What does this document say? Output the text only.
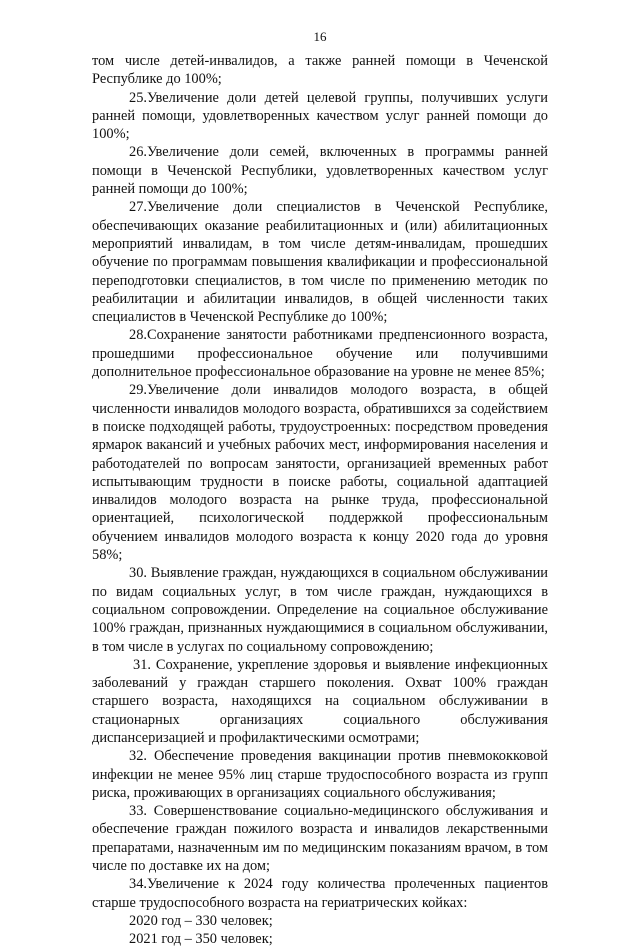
16

том числе детей-инвалидов, а также ранней помощи в Чеченской Республике до 100%;

25.Увеличение доли детей целевой группы, получивших услуги ранней помощи, удовлетворенных качеством услуг ранней помощи до 100%;

26.Увеличение доли семей, включенных в программы ранней помощи в Чеченской Республики, удовлетворенных качеством услуг ранней помощи до 100%;

27.Увеличение доли специалистов в Чеченской Республике, обеспечивающих оказание реабилитационных и (или) абилитационных мероприятий инвалидам, в том числе детям-инвалидам, прошедших обучение по программам повышения квалификации и профессиональной переподготовки специалистов, в том числе по применению методик по реабилитации и абилитации инвалидов, в общей численности таких специалистов в Чеченской Республике до 100%;

28.Сохранение занятости работниками предпенсионного возраста, прошедшими профессиональное обучение или получившими дополнительное профессиональное образование на уровне не менее 85%;

29.Увеличение доли инвалидов молодого возраста, в общей численности инвалидов молодого возраста, обратившихся за содействием в поиске подходящей работы, трудоустроенных: посредством проведения ярмарок вакансий и учебных рабочих мест, информирования населения и работодателей по вопросам занятости, организацией временных работ испытывающим трудности в поиске работы, социальной адаптацией инвалидов молодого возраста на рынке труда, профессиональной ориентацией, психологической поддержкой профессиональным обучением инвалидов молодого возраста к концу 2020 года до уровня 58%;

30. Выявление граждан, нуждающихся в социальном обслуживании по видам социальных услуг, в том числе граждан, нуждающихся в социальном сопровождении. Определение на социальное обслуживание 100% граждан, признанных нуждающимися в социальном обслуживании, в том числе в услугах по социальному сопровождению;

31. Сохранение, укрепление здоровья и выявление инфекционных заболеваний у граждан старшего поколения. Охват 100% граждан старшего возраста, находящихся на социальном обслуживании в стационарных организациях социального обслуживания диспансеризацией и профилактическими осмотрами;

32. Обеспечение проведения вакцинации против пневмококковой инфекции не менее 95% лиц старше трудоспособного возраста из групп риска, проживающих в организациях социального обслуживания;

33. Совершенствование социально-медицинского обслуживания и обеспечение граждан пожилого возраста и инвалидов лекарственными препаратами, назначенным им по медицинским показаниям врачом, в том числе по доставке их на дом;

34.Увеличение к 2024 году количества пролеченных пациентов старше трудоспособного возраста на гериатрических койках:

2020 год – 330 человек;

2021 год – 350 человек;
